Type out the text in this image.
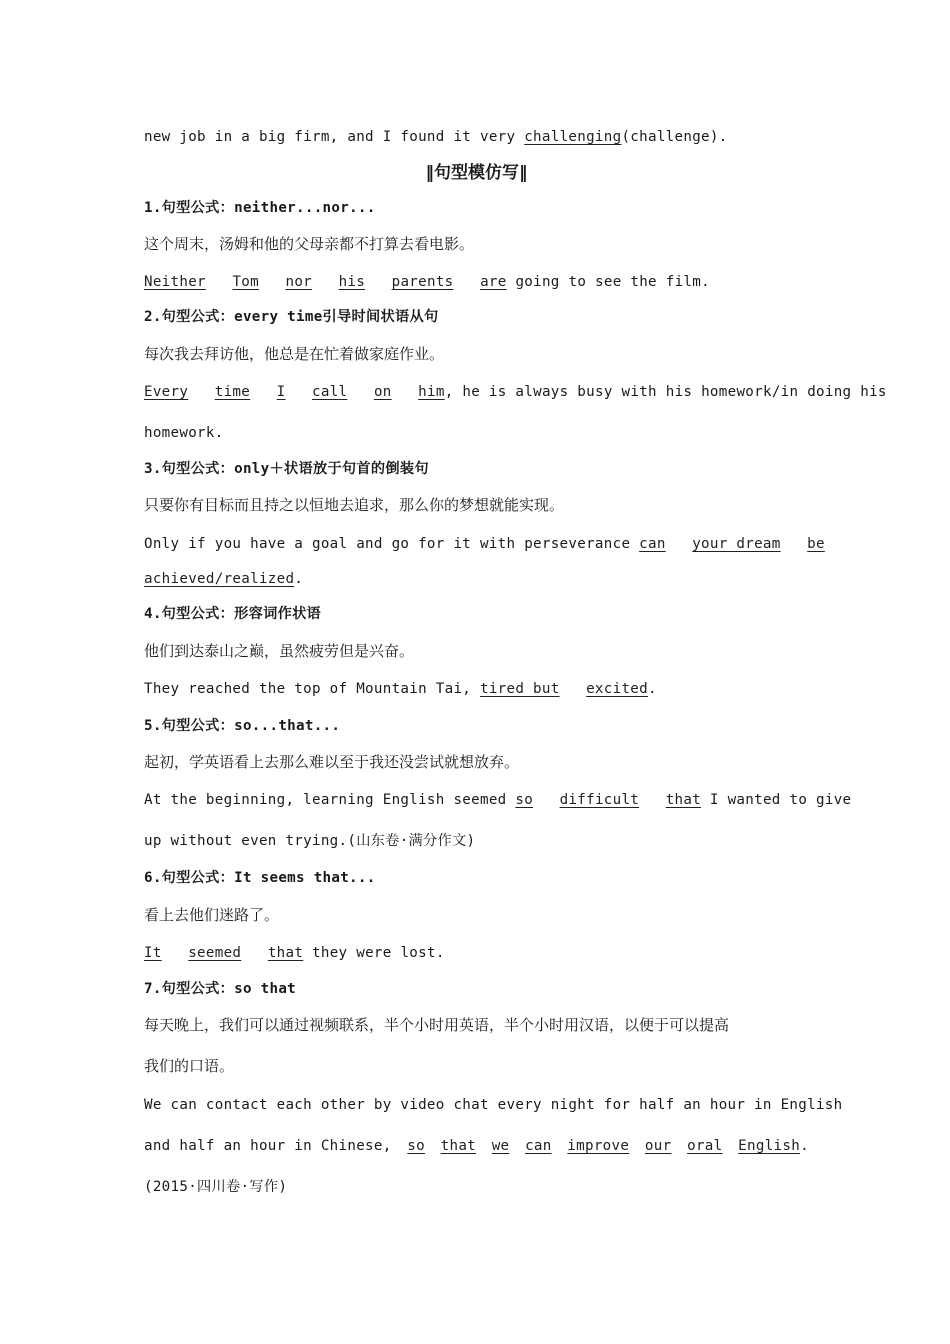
new job in a big firm, and I found it very challenging(challenge).
‖句型模仿写‖
1.句型公式：neither...nor...
这个周末，汤姆和他的父母亲都不打算去看电影。
Neither Tom nor his parents are going to see the film.
2.句型公式：every time引导时间状语从句
每次我去拜访他，他总是在忙着做家庭作业。
Every time I call on him, he is always busy with his homework/in doing his
homework.
3.句型公式：only＋状语放于句首的倒装句
只要你有目标而且持之以恒地去追求，那么你的梦想就能实现。
Only if you have a goal and go for it with perseverance can your dream be
achieved/realized.
4.句型公式：形容词作状语
他们到达泰山之巅，虽然疲劳但是兴奋。
They reached the top of Mountain Tai, tired but excited.
5.句型公式：so...that...
起初，学英语看上去那么难以至于我还没尝试就想放弃。
At the beginning, learning English seemed so difficult that I wanted to give
up without even trying.(山东卷·满分作文)
6.句型公式：It seems that...
看上去他们迷路了。
It seemed that they were lost.
7.句型公式：so that
每天晚上，我们可以通过视频联系，半个小时用英语，半个小时用汉语，以便于可以提高
我们的口语。
We can contact each other by video chat every night for half an hour in English
and half an hour in Chinese, so that we can improve our oral English.
(2015·四川卷·写作)
